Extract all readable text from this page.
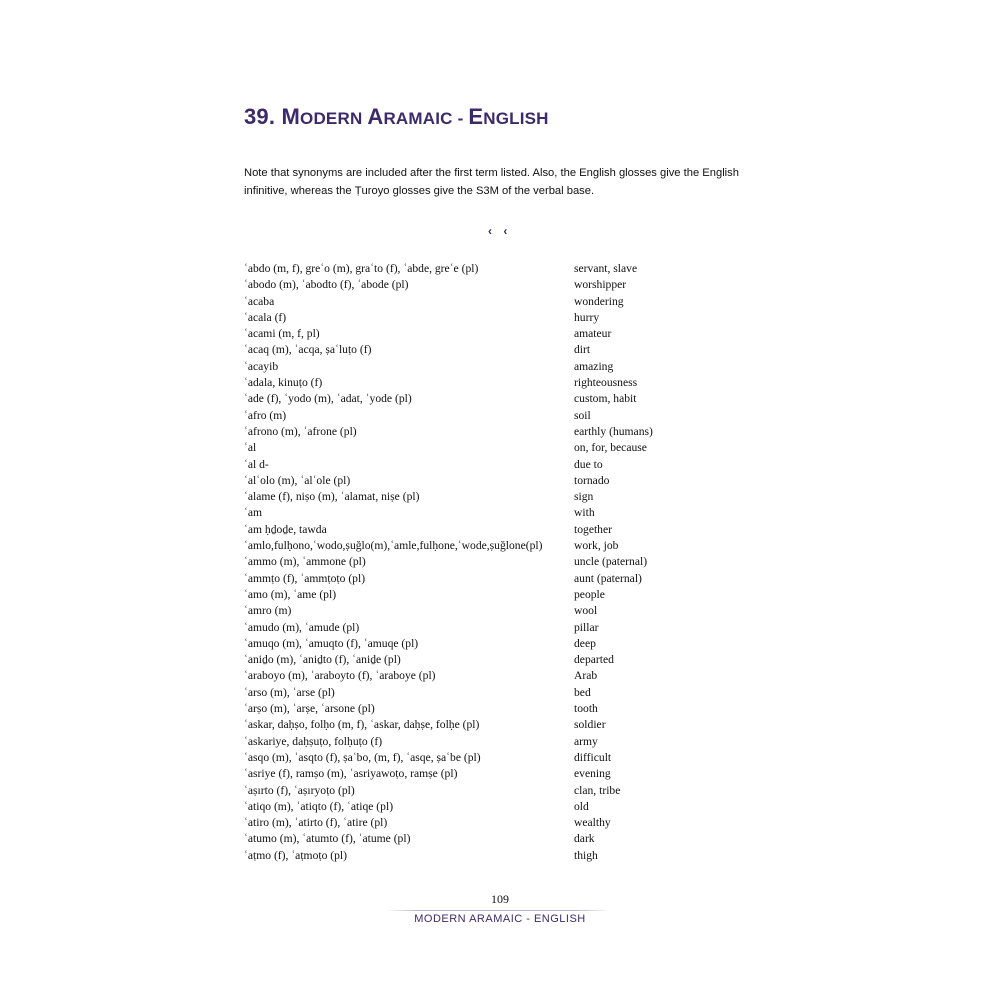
39. MODERN ARAMAIC - ENGLISH

Note that synonyms are included after the first term listed. Also, the English glosses give the English

infinitive, whereas the Ṭuroyo glosses give the S3M of the verbal base.

‹ ‹
ʿabdo (m, f), greʿo (m), graʿto (f), ʿabde, greʿe (pl)	servant, slave
ʿabodo (m), ʿabodto (f), ʿabode (pl)	worshipper
ʿacaba	wondering
ʿacala (f)	hurry
ʿacami (m, f, pl)	amateur
ʿacaq (m), ʿacqa, ṣaʿluṭo (f)	dirt
ʿacayib	amazing
ʿadala, kinuṭo (f)	righteousness
ʿade (f), ʿyodo (m), ʿadat, ʿyode (pl)	custom, habit
ʿafro (m)	soil
ʿafrono (m), ʿafrone (pl)	earthly (humans)
ʿal	on, for, because
ʿal d-	due to
ʿalʿolo (m), ʿalʿole (pl)	tornado
ʿalame (f), niṣo (m), ʿalamat, niṣe (pl)	sign
ʿam	with
ʿam ḥḏoḏe, tawda	together
ʿamlo,fulḥono,ʿwodo,ṣuğlo(m),ʿamle,fulḥone,ʿwode,ṣuğlone(pl)	work, job
ʿammo (m), ʿammone (pl)	uncle (paternal)
ʿammṭo (f), ʿammṭoṭo (pl)	aunt (paternal)
ʿamo (m), ʿame (pl)	people
ʿamro (m)	wool
ʿamudo (m), ʿamude (pl)	pillar
ʿamuqo (m), ʿamuqto (f), ʿamuqe (pl)	deep
ʿaniḏo (m), ʿaniḏto (f), ʿaniḏe (pl)	departed
ʿaraboyo (m), ʿaraboyto (f), ʿaraboye (pl)	Arab
ʿarso (m), ʿarse (pl)	bed
ʿarṣo (m), ʿarṣe, ʿarsone (pl)	tooth
ʿaskar, daḥṣo, folḥo (m, f), ʿaskar, daḥṣe, folḥe (pl)	soldier
ʿaskariye, daḥṣuṭo, folḥuṭo (f)	army
ʿasqo (m), ʿasqto (f), ṣaʿbo, (m, f), ʿasqe, ṣaʿbe (pl)	difficult
ʿasriye (f), ramṣo (m), ʿasriyawoṭo, ramṣe (pl)	evening
ʿaṣırto (f), ʿaṣıryoṭo (pl)	clan, tribe
ʿatiqo (m), ʿatiqto (f), ʿatiqe (pl)	old
ʿatiro (m), ʿatirto (f), ʿatire (pl)	wealthy
ʿatumo (m), ʿatumto (f), ʿatume (pl)	dark
ʿaṭmo (f), ʿaṭmoṭo (pl)	thigh
109
MODERN ARAMAIC - ENGLISH
